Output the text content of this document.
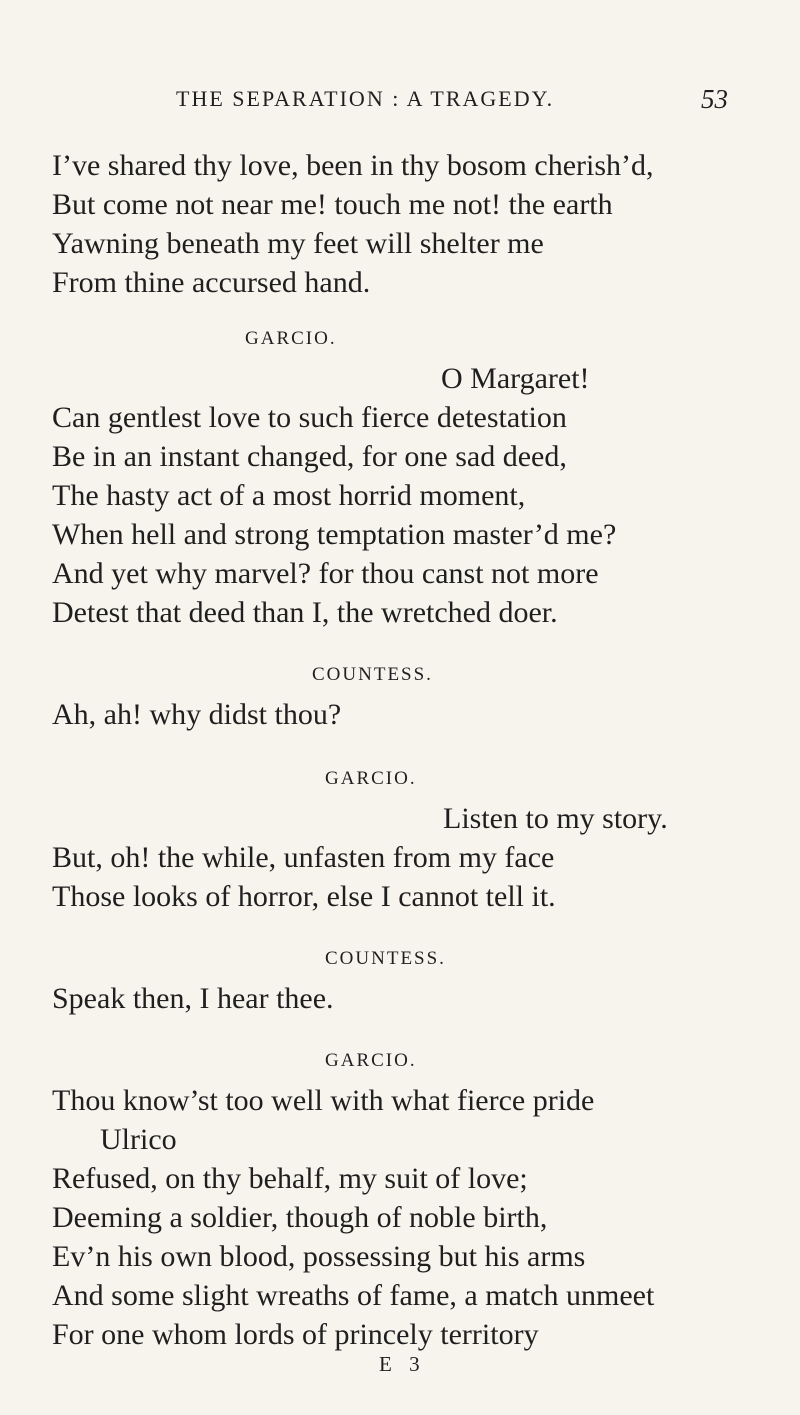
THE SEPARATION : A TRAGEDY.	53
I’ve shared thy love, been in thy bosom cherish’d,
But come not near me! touch me not! the earth
Yawning beneath my feet will shelter me
From thine accursed hand.
GARCIO.
O Margaret!
Can gentlest love to such fierce detestation
Be in an instant changed, for one sad deed,
The hasty act of a most horrid moment,
When hell and strong temptation master’d me?
And yet why marvel? for thou canst not more
Detest that deed than I, the wretched doer.
COUNTESS.
Ah, ah! why didst thou?
GARCIO.
Listen to my story.
But, oh! the while, unfasten from my face
Those looks of horror, else I cannot tell it.
COUNTESS.
Speak then, I hear thee.
GARCIO.
Thou know’st too well with what fierce pride
Ulrico
Refused, on thy behalf, my suit of love;
Deeming a soldier, though of noble birth,
Ev’n his own blood, possessing but his arms
And some slight wreaths of fame, a match unmeet
For one whom lords of princely territory
E 3
